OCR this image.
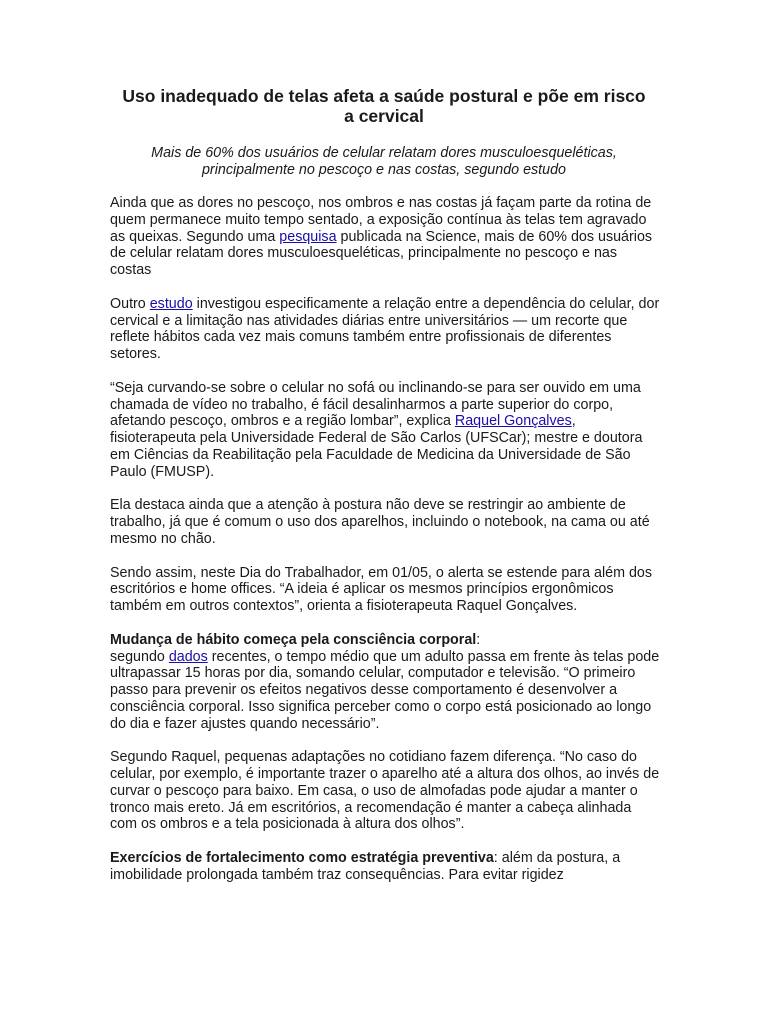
Uso inadequado de telas afeta a saúde postural e põe em risco
a cervical

Mais de 60% dos usuários de celular relatam dores musculoesqueléticas,
principalmente no pescoço e nas costas, segundo estudo

Ainda que as dores no pescoço, nos ombros e nas costas já façam parte da rotina de quem permanece muito tempo sentado, a exposição contínua às telas tem agravado as queixas. Segundo uma pesquisa publicada na Science, mais de 60% dos usuários de celular relatam dores musculoesqueléticas, principalmente no pescoço e nas costas

Outro estudo investigou especificamente a relação entre a dependência do celular, dor cervical e a limitação nas atividades diárias entre universitários — um recorte que reflete hábitos cada vez mais comuns também entre profissionais de diferentes setores.

“Seja curvando-se sobre o celular no sofá ou inclinando-se para ser ouvido em uma chamada de vídeo no trabalho, é fácil desalinharmos a parte superior do corpo, afetando pescoço, ombros e a região lombar”, explica Raquel Gonçalves, fisioterapeuta pela Universidade Federal de São Carlos (UFSCar); mestre e doutora em Ciências da Reabilitação pela Faculdade de Medicina da Universidade de São Paulo (FMUSP).

Ela destaca ainda que a atenção à postura não deve se restringir ao ambiente de trabalho, já que é comum o uso dos aparelhos, incluindo o notebook, na cama ou até mesmo no chão.

Sendo assim, neste Dia do Trabalhador, em 01/05, o alerta se estende para além dos escritórios e home offices. “A ideia é aplicar os mesmos princípios ergonômicos também em outros contextos”, orienta a fisioterapeuta Raquel Gonçalves.

Mudança de hábito começa pela consciência corporal:
segundo dados recentes, o tempo médio que um adulto passa em frente às telas pode ultrapassar 15 horas por dia, somando celular, computador e televisão. “O primeiro passo para prevenir os efeitos negativos desse comportamento é desenvolver a consciência corporal. Isso significa perceber como o corpo está posicionado ao longo do dia e fazer ajustes quando necessário”.

Segundo Raquel, pequenas adaptações no cotidiano fazem diferença. “No caso do celular, por exemplo, é importante trazer o aparelho até a altura dos olhos, ao invés de curvar o pescoço para baixo. Em casa, o uso de almofadas pode ajudar a manter o tronco mais ereto. Já em escritórios, a recomendação é manter a cabeça alinhada com os ombros e a tela posicionada à altura dos olhos”.

Exercícios de fortalecimento como estratégia preventiva: além da postura, a imobilidade prolongada também traz consequências. Para evitar rigidez
